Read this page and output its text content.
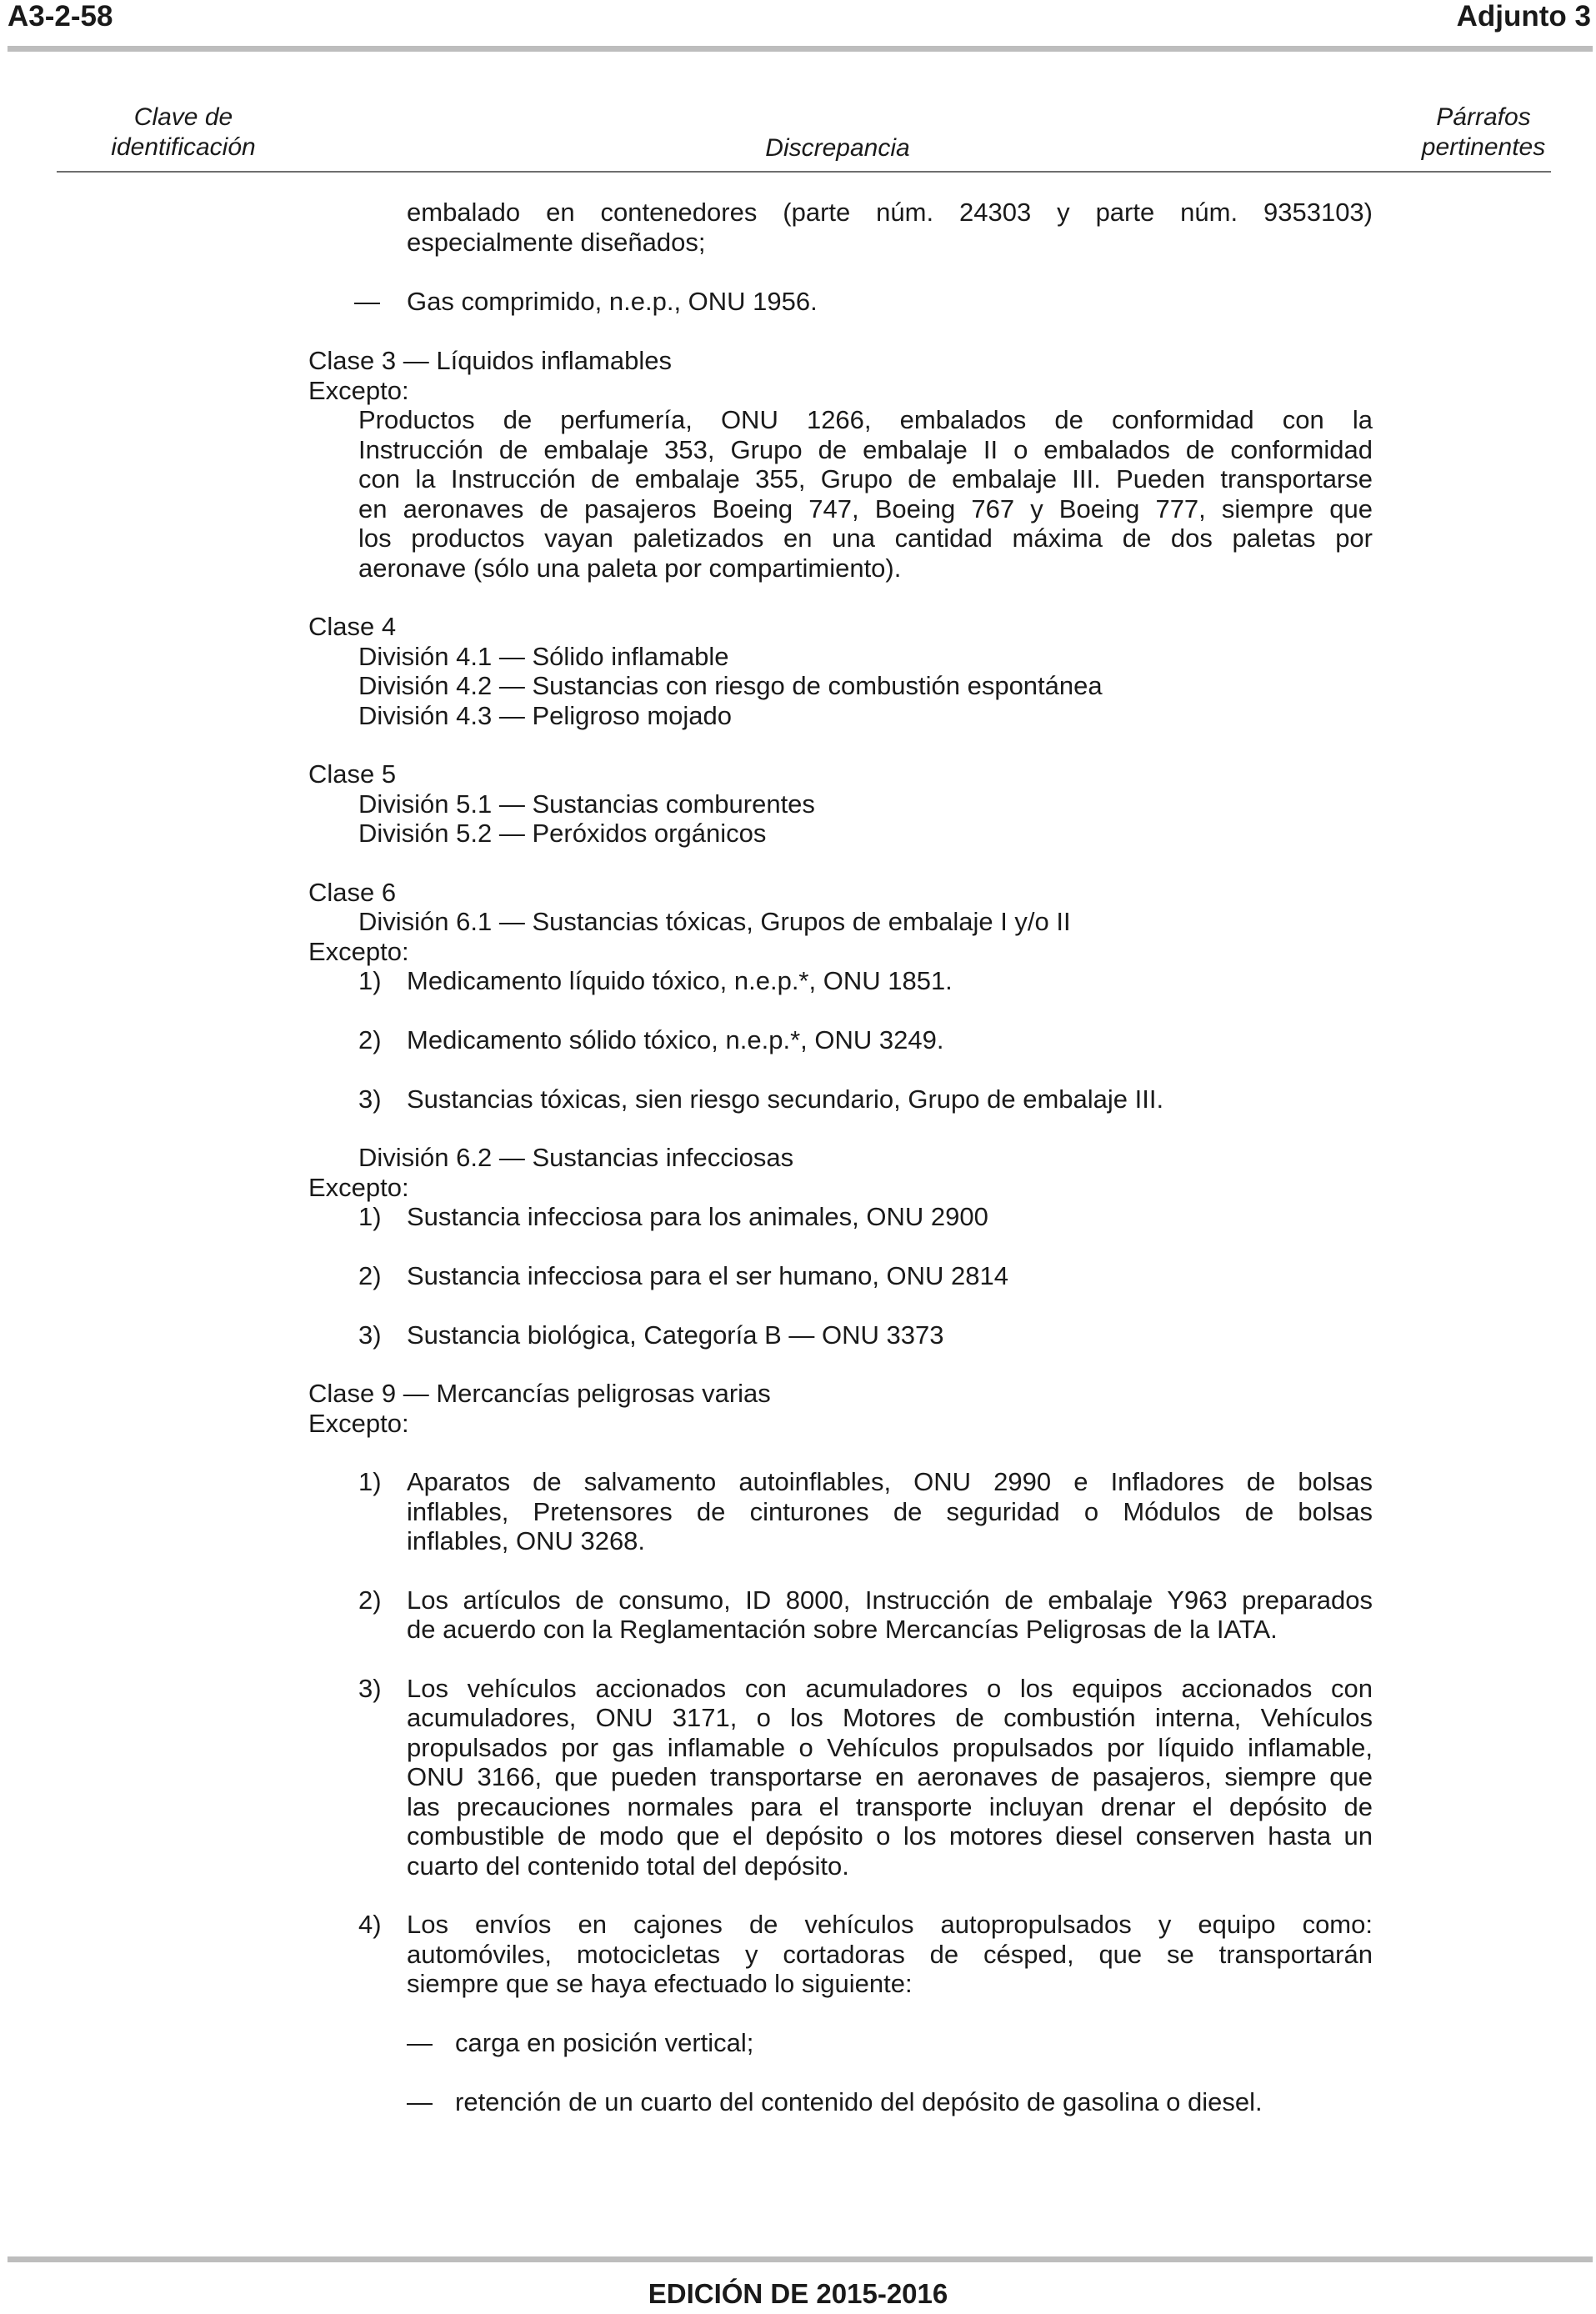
A3-2-58	Adjunto 3
Clave de
identificación	Discrepancia
Párrafos
pertinentes
embalado en contenedores (parte núm. 24303 y parte núm. 9353103)
especialmente diseñados;
— Gas comprimido, n.e.p., ONU 1956.
Clase 3 — Líquidos inflamables
Excepto:
Productos de perfumería, ONU 1266, embalados de conformidad con la
Instrucción de embalaje 353, Grupo de embalaje II o embalados de conformidad
con la Instrucción de embalaje 355, Grupo de embalaje III. Pueden transportarse
en aeronaves de pasajeros Boeing 747, Boeing 767 y Boeing 777, siempre que
los productos vayan paletizados en una cantidad máxima de dos paletas por
aeronave (sólo una paleta por compartimiento).
Clase 4
División 4.1 — Sólido inflamable
División 4.2 — Sustancias con riesgo de combustión espontánea
División 4.3 — Peligroso mojado
Clase 5
División 5.1 — Sustancias comburentes
División 5.2 — Peróxidos orgánicos
Clase 6
División 6.1 — Sustancias tóxicas, Grupos de embalaje I y/o II
Excepto:
1) Medicamento líquido tóxico, n.e.p.*, ONU 1851.
2) Medicamento sólido tóxico, n.e.p.*, ONU 3249.
3) Sustancias tóxicas, sien riesgo secundario, Grupo de embalaje III.
División 6.2 — Sustancias infecciosas
Excepto:
1) Sustancia infecciosa para los animales, ONU 2900
2) Sustancia infecciosa para el ser humano, ONU 2814
3) Sustancia biológica, Categoría B — ONU 3373
Clase 9 — Mercancías peligrosas varias
Excepto:
1) Aparatos de salvamento autoinflables, ONU 2990 e Infladores de bolsas
inflables, Pretensores de cinturones de seguridad o Módulos de bolsas
inflables, ONU 3268.
2) Los artículos de consumo, ID 8000, Instrucción de embalaje Y963 preparados
de acuerdo con la Reglamentación sobre Mercancías Peligrosas de la IATA.
3) Los vehículos accionados con acumuladores o los equipos accionados con
acumuladores, ONU 3171, o los Motores de combustión interna, Vehículos
propulsados por gas inflamable o Vehículos propulsados por líquido inflamable,
ONU 3166, que pueden transportarse en aeronaves de pasajeros, siempre que
las precauciones normales para el transporte incluyan drenar el depósito de
combustible de modo que el depósito o los motores diesel conserven hasta un
cuarto del contenido total del depósito.
4) Los envíos en cajones de vehículos autopropulsados y equipo como:
automóviles, motocicletas y cortadoras de césped, que se transportarán
siempre que se haya efectuado lo siguiente:
— carga en posición vertical;
— retención de un cuarto del contenido del depósito de gasolina o diesel.
EDICIÓN DE 2015-2016
